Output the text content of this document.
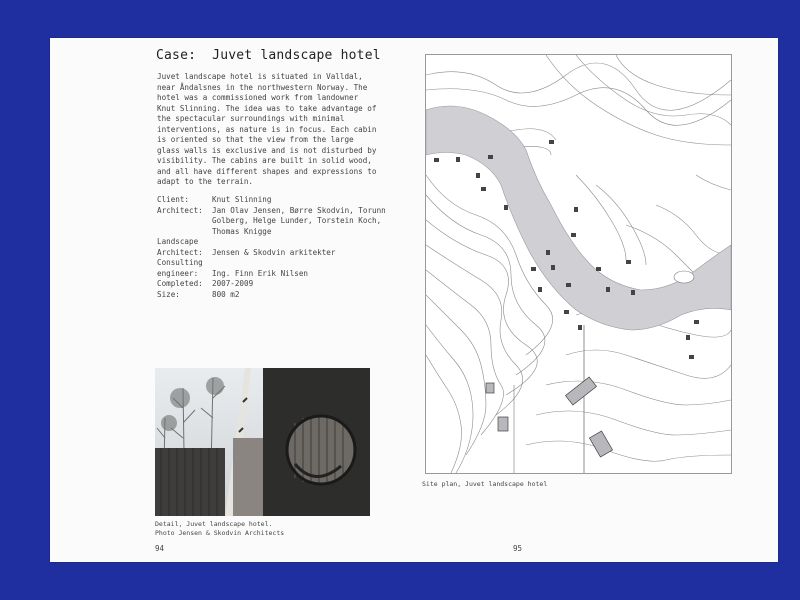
Case:  Juvet landscape hotel
Juvet landscape hotel is situated in Valldal, near Åndalsnes in the northwestern Norway. The hotel was a commissioned work from landowner Knut Slinning. The idea was to take advantage of the spectacular surroundings with minimal interventions, as nature is in focus. Each cabin is oriented so that the view from the large glass walls is exclusive and is not disturbed by visibility. The cabins are built in solid wood, and all have different shapes and expressions to adapt to the terrain.
Client:	Knut Slinning
Architect:	Jan Olav Jensen, Børre Skodvin, Torunn Golberg, Helge Lunder, Torstein Koch, Thomas Knigge
Landscape
Architect:	Jensen & Skodvin arkitekter
Consulting
engineer:	Ing. Finn Erik Nilsen
Completed:	2007-2009
Size:	800 m2
Detail, Juvet landscape hotel.
Photo Jensen & Skodvin Architects
94
Site plan, Juvet landscape hotel
95
